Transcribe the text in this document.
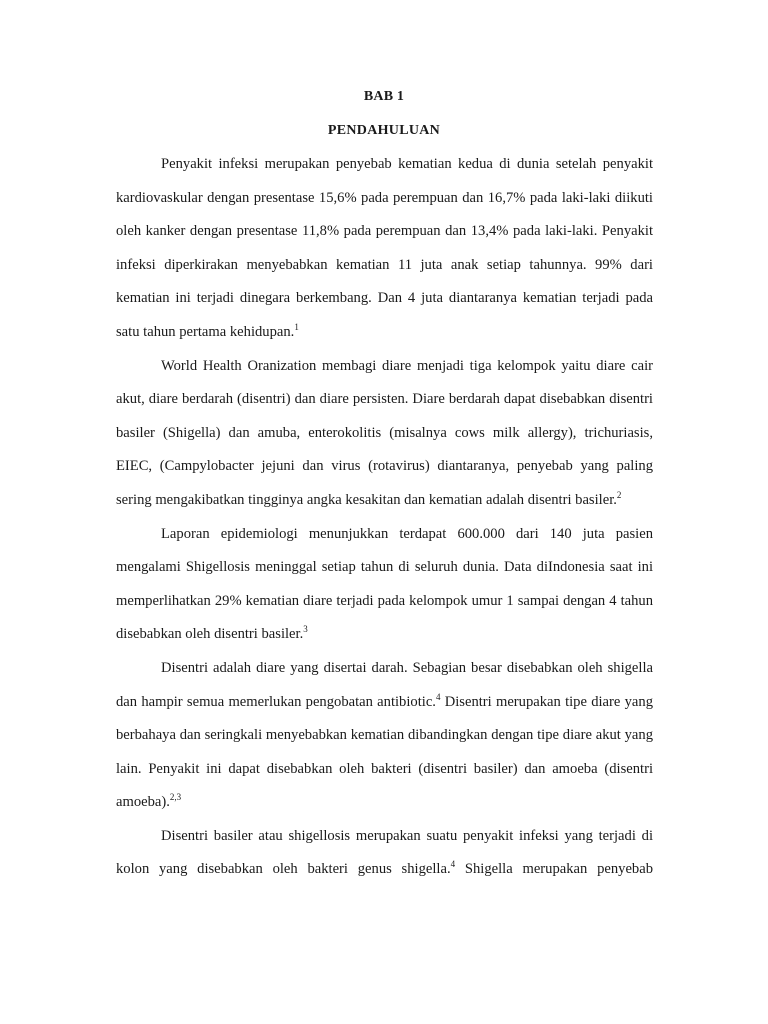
BAB 1
PENDAHULUAN

Penyakit infeksi merupakan penyebab kematian kedua di dunia setelah penyakit kardiovaskular dengan presentase 15,6% pada perempuan dan 16,7% pada laki-laki diikuti oleh kanker dengan presentase 11,8% pada perempuan dan 13,4% pada laki-laki. Penyakit infeksi diperkirakan menyebabkan kematian 11 juta anak setiap tahunnya. 99% dari kematian ini terjadi dinegara berkembang. Dan 4 juta diantaranya kematian terjadi pada satu tahun pertama kehidupan.$^1$

World Health Oranization membagi diare menjadi tiga kelompok yaitu diare cair akut, diare berdarah (disentri) dan diare persisten. Diare berdarah dapat disebabkan disentri basiler (Shigella) dan amuba, enterokolitis (misalnya cows milk allergy), trichuriasis, EIEC, (Campylobacter jejuni dan virus (rotavirus) diantaranya, penyebab yang paling sering mengakibatkan tingginya angka kesakitan dan kematian adalah disentri basiler.$^2$

Laporan epidemiologi menunjukkan terdapat 600.000 dari 140 juta pasien mengalami Shigellosis meninggal setiap tahun di seluruh dunia. Data diIndonesia saat ini memperlihatkan 29% kematian diare terjadi pada kelompok umur 1 sampai dengan 4 tahun disebabkan oleh disentri basiler.$^3$

Disentri adalah diare yang disertai darah. Sebagian besar disebabkan oleh shigella dan hampir semua memerlukan pengobatan antibiotic.$^4$ Disentri merupakan tipe diare yang berbahaya dan seringkali menyebabkan kematian dibandingkan dengan tipe diare akut yang lain. Penyakit ini dapat disebabkan oleh bakteri (disentri basiler) dan amoeba (disentri amoeba).$^{2,3}$

Disentri basiler atau shigellosis merupakan suatu penyakit infeksi yang terjadi di kolon yang disebabkan oleh bakteri genus shigella.$^4$ Shigella merupakan penyebab
